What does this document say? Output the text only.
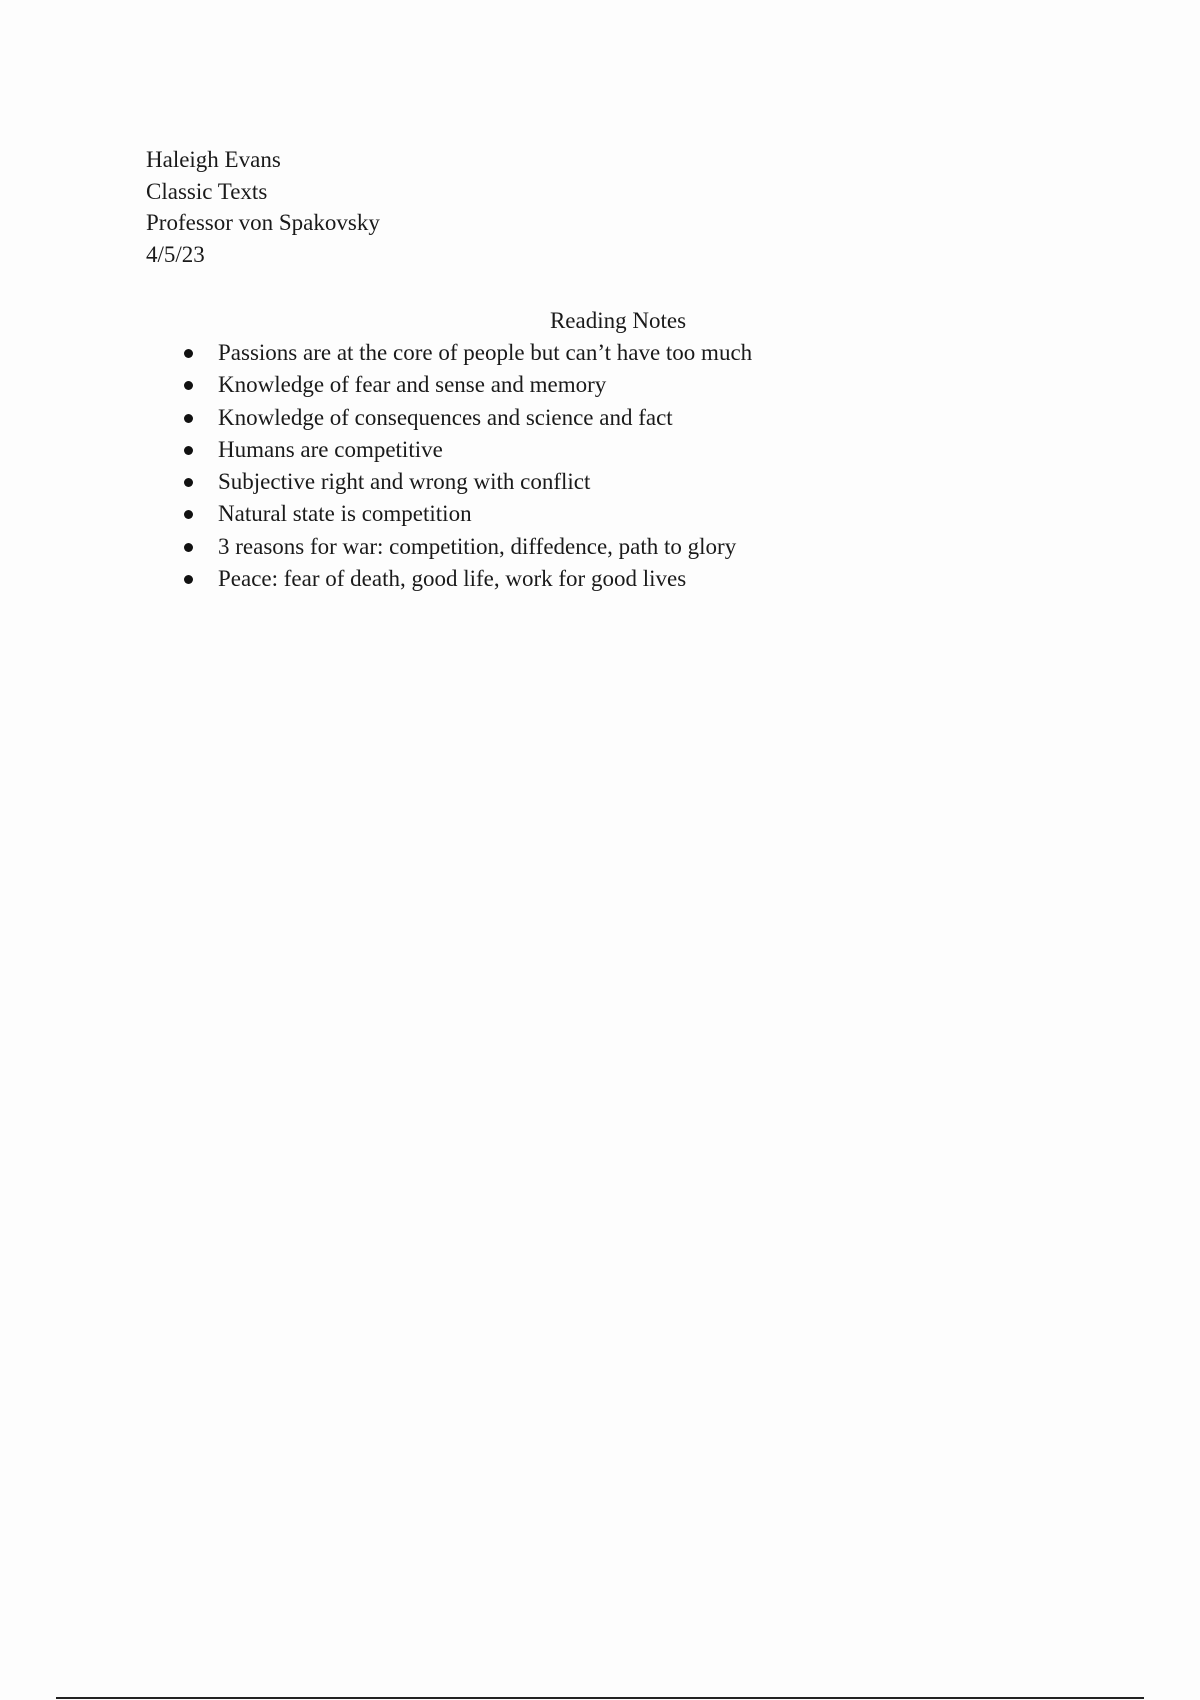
Haleigh Evans
Classic Texts
Professor von Spakovsky
4/5/23
Reading Notes
Passions are at the core of people but can’t have too much
Knowledge of fear and sense and memory
Knowledge of consequences and science and fact
Humans are competitive
Subjective right and wrong with conflict
Natural state is competition
3 reasons for war: competition, diffedence, path to glory
Peace: fear of death, good life, work for good lives
